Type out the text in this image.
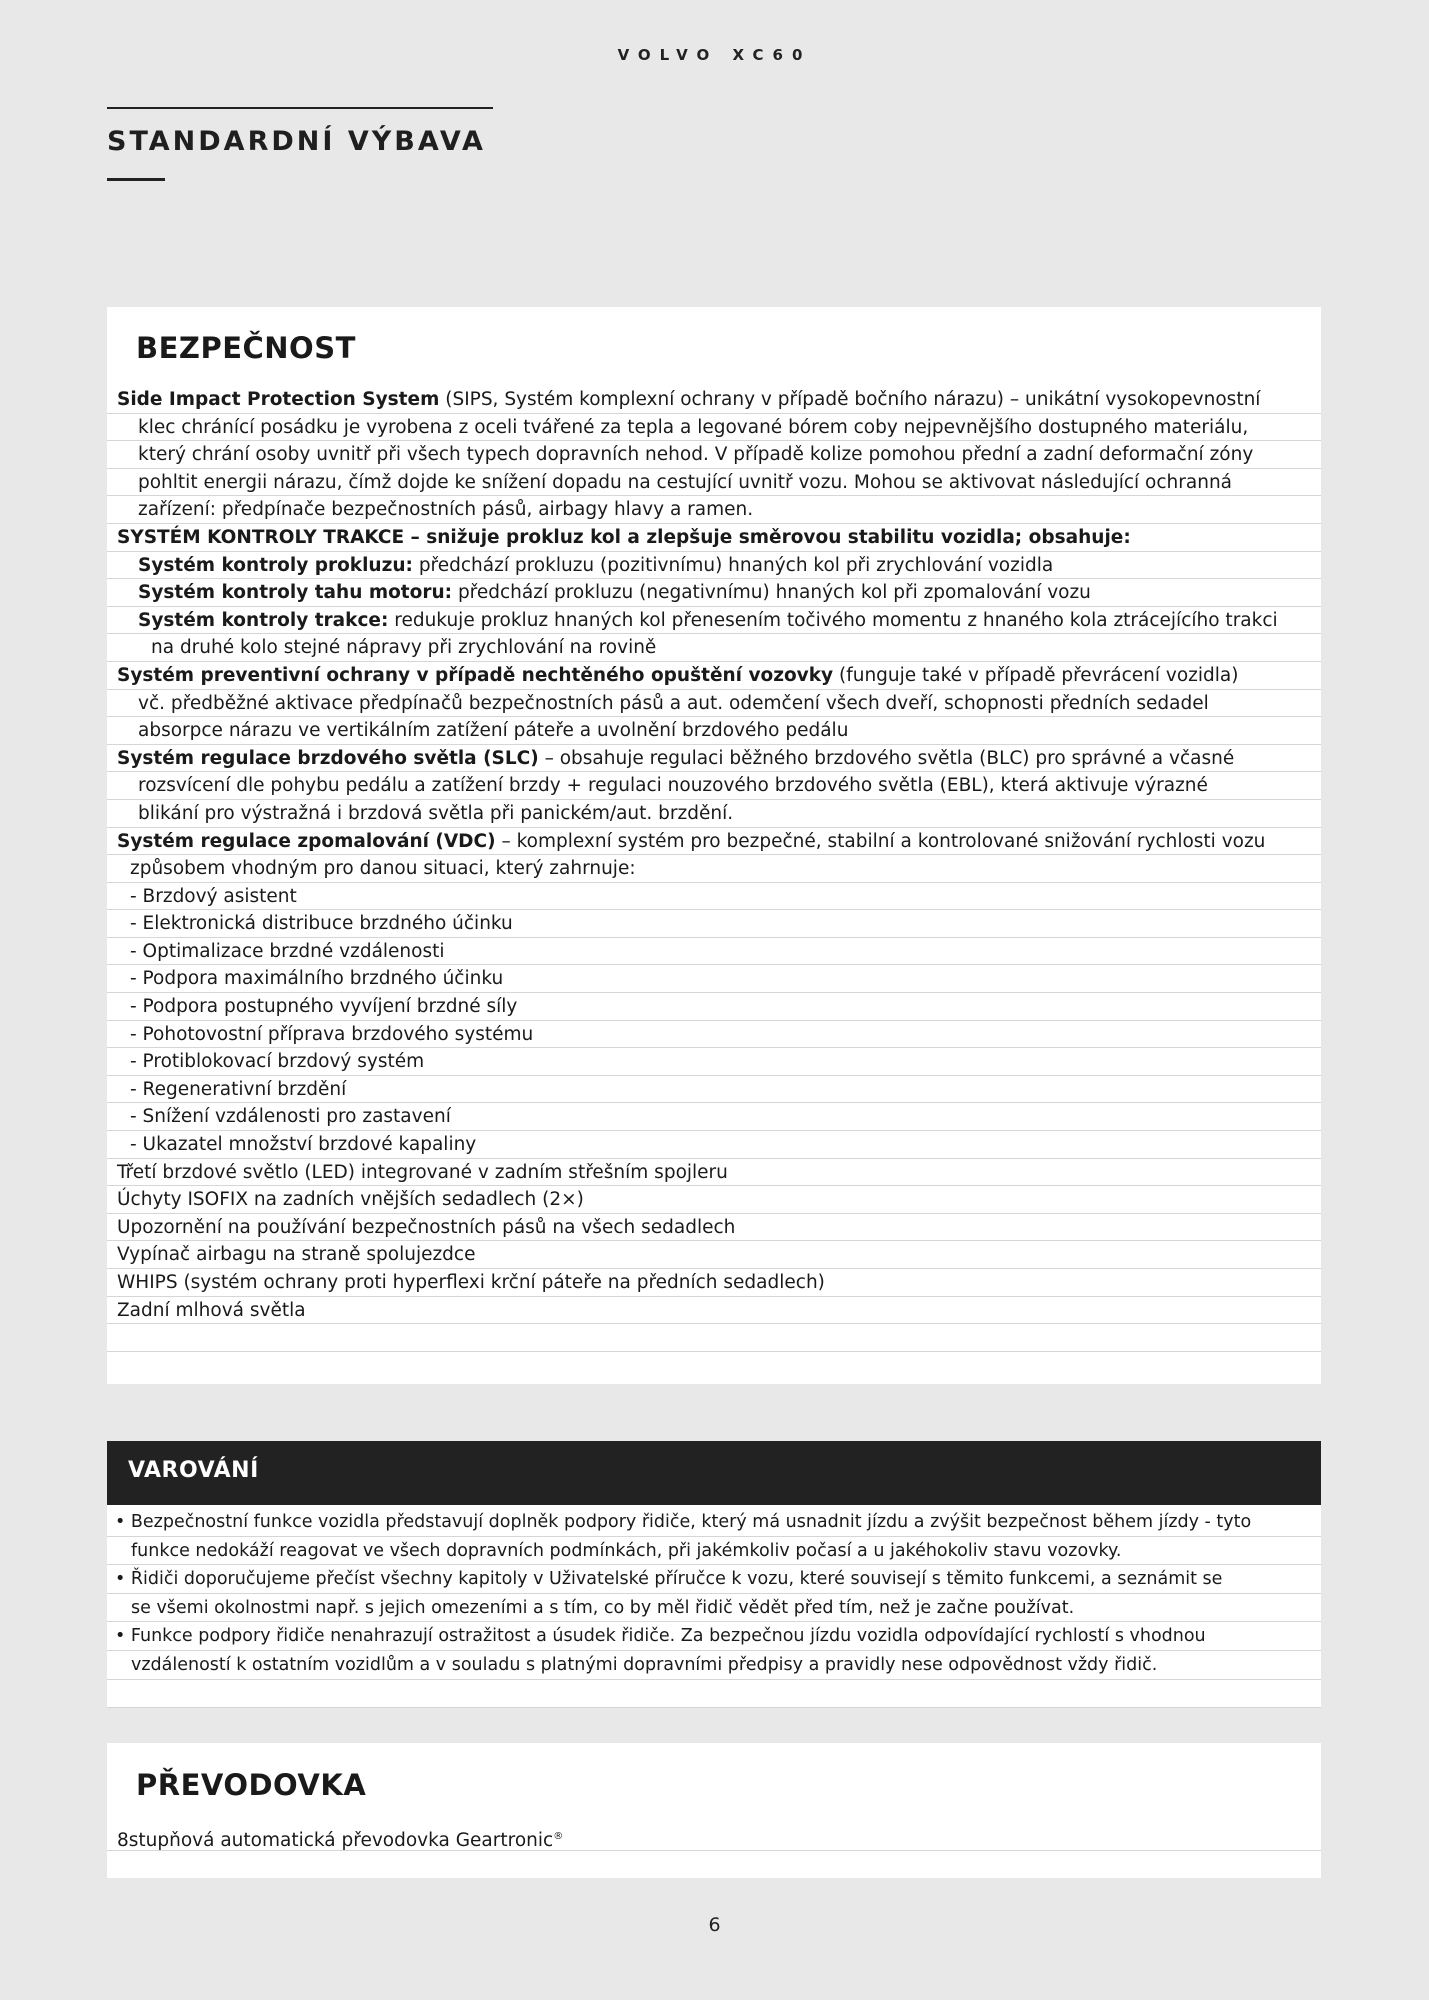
VOLVO XC60
STANDARDNÍ VÝBAVA
BEZPEČNOST
Side Impact Protection System (SIPS, Systém komplexní ochrany v případě bočního nárazu) – unikátní vysokopevnostní
klec chránící posádku je vyrobena z oceli tvářené za tepla a legované bórem coby nejpevnějšího dostupného materiálu,
který chrání osoby uvnitř při všech typech dopravních nehod. V případě kolize pomohou přední a zadní deformační zóny
pohltit energii nárazu, čímž dojde ke snížení dopadu na cestující uvnitř vozu. Mohou se aktivovat následující ochranná
zařízení: předpínače bezpečnostních pásů, airbagy hlavy a ramen.
SYSTÉM KONTROLY TRAKCE – snižuje prokluz kol a zlepšuje směrovou stabilitu vozidla; obsahuje:
Systém kontroly prokluzu: předchází prokluzu (pozitivnímu) hnaných kol při zrychlování vozidla
Systém kontroly tahu motoru: předchází prokluzu (negativnímu) hnaných kol při zpomalování vozu
Systém kontroly trakce: redukuje prokluz hnaných kol přenesením točivého momentu z hnaného kola ztrácejícího trakci
na druhé kolo stejné nápravy při zrychlování na rovině
Systém preventivní ochrany v případě nechtěného opuštění vozovky (funguje také v případě převrácení vozidla)
vč. předběžné aktivace předpínačů bezpečnostních pásů a aut. odemčení všech dveří, schopnosti předních sedadel
absorpce nárazu ve vertikálním zatížení páteře a uvolnění brzdového pedálu
Systém regulace brzdového světla (SLC) – obsahuje regulaci běžného brzdového světla (BLC) pro správné a včasné
rozsvícení dle pohybu pedálu a zatížení brzdy + regulaci nouzového brzdového světla (EBL), která aktivuje výrazné
blikání pro výstražná i brzdová světla při panickém/aut. brzdění.
Systém regulace zpomalování (VDC) – komplexní systém pro bezpečné, stabilní a kontrolované snižování rychlosti vozu
způsobem vhodným pro danou situaci, který zahrnuje:
- Brzdový asistent
- Elektronická distribuce brzdného účinku
- Optimalizace brzdné vzdálenosti
- Podpora maximálního brzdného účinku
- Podpora postupného vyvíjení brzdné síly
- Pohotovostní příprava brzdového systému
- Protiblokovací brzdový systém
- Regenerativní brzdění
- Snížení vzdálenosti pro zastavení
- Ukazatel množství brzdové kapaliny
Třetí brzdové světlo (LED) integrované v zadním střešním spojleru
Úchyty ISOFIX na zadních vnějších sedadlech (2×)
Upozornění na používání bezpečnostních pásů na všech sedadlech
Vypínač airbagu na straně spolujezdce
WHIPS (systém ochrany proti hyperflexi krční páteře na předních sedadlech)
Zadní mlhová světla
VAROVÁNÍ
• Bezpečnostní funkce vozidla představují doplněk podpory řidiče, který má usnadnit jízdu a zvýšit bezpečnost během jízdy - tyto
funkce nedokáží reagovat ve všech dopravních podmínkách, při jakémkoliv počasí a u jakéhokoliv stavu vozovky.
• Řidiči doporučujeme přečíst všechny kapitoly v Uživatelské příručce k vozu, které souvisejí s těmito funkcemi, a seznámit se
se všemi okolnostmi např. s jejich omezeními a s tím, co by měl řidič vědět před tím, než je začne používat.
• Funkce podpory řidiče nenahrazují ostražitost a úsudek řidiče. Za bezpečnou jízdu vozidla odpovídající rychlostí s vhodnou
vzdáleností k ostatním vozidlům a v souladu s platnými dopravními předpisy a pravidly nese odpovědnost vždy řidič.
PŘEVODOVKA
8stupňová automatická převodovka Geartronic®
6
